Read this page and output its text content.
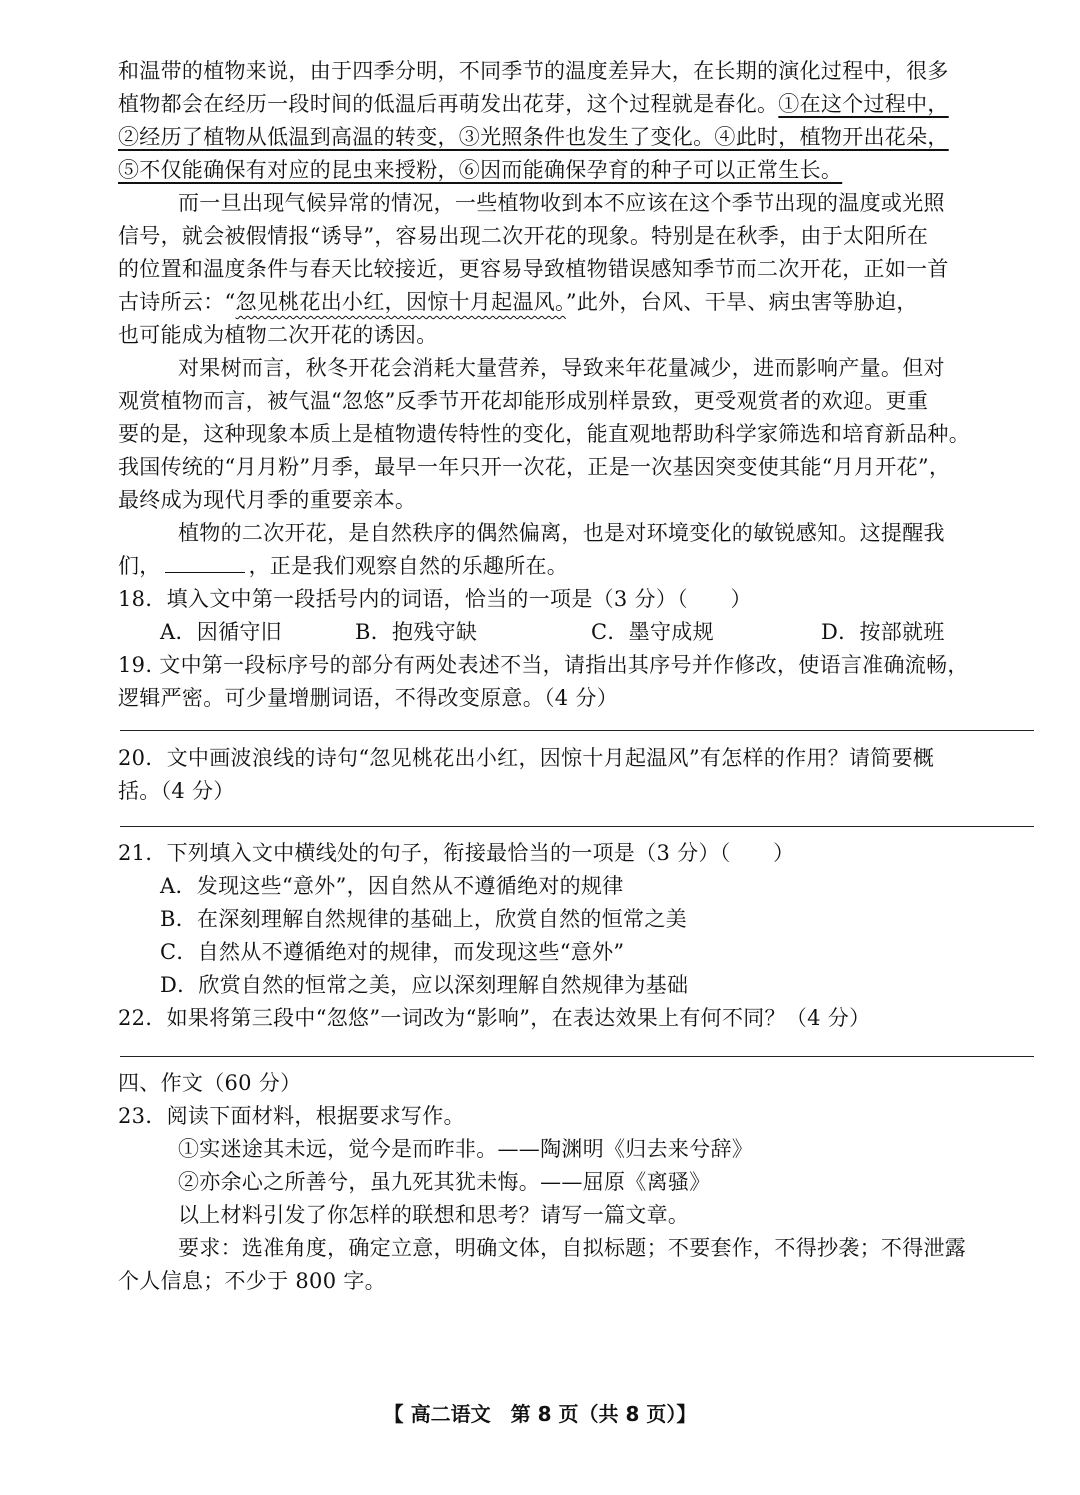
和温带的植物来说，由于四季分明，不同季节的温度差异大，在长期的演化过程中，很多
植物都会在经历一段时间的低温后再萌发出花芽，这个过程就是春化。①在这个过程中，
②经历了植物从低温到高温的转变，③光照条件也发生了变化。④此时，植物开出花朵，
⑤不仅能确保有对应的昆虫来授粉，⑥因而能确保孕育的种子可以正常生长。
而一旦出现气候异常的情况，一些植物收到本不应该在这个季节出现的温度或光照
信号，就会被假情报“诱导”，容易出现二次开花的现象。特别是在秋季，由于太阳所在
的位置和温度条件与春天比较接近，更容易导致植物错误感知季节而二次开花，正如一首
古诗所云：“忽见桃花出小红，因惊十月起温风。”此外，台风、干旱、病虫害等胁迫，
也可能成为植物二次开花的诱因。
对果树而言，秋冬开花会消耗大量营养，导致来年花量减少，进而影响产量。但对
观赏植物而言，被气温“忽悠”反季节开花却能形成别样景致，更受观赏者的欢迎。更重
要的是，这种现象本质上是植物遗传特性的变化，能直观地帮助科学家筛选和培育新品种。
我国传统的“月月粉”月季，最早一年只开一次花，正是一次基因突变使其能“月月开花”，
最终成为现代月季的重要亲本。
植物的二次开花，是自然秩序的偶然偏离，也是对环境变化的敏锐感知。这提醒我
们，	，正是我们观察自然的乐趣所在。
18．填入文中第一段括号内的词语，恰当的一项是（3 分）（　　）
A．因循守旧	B．抱残守缺	C．墨守成规	D．按部就班
19. 文中第一段标序号的部分有两处表述不当，请指出其序号并作修改，使语言准确流畅，
逻辑严密。可少量增删词语，不得改变原意。（4 分）
20．文中画波浪线的诗句“忽见桃花出小红，因惊十月起温风”有怎样的作用？请简要概
括。（4 分）
21．下列填入文中横线处的句子，衔接最恰当的一项是（3 分）（　　）
A．发现这些“意外”，因自然从不遵循绝对的规律
B．在深刻理解自然规律的基础上，欣赏自然的恒常之美
C．自然从不遵循绝对的规律，而发现这些“意外”
D．欣赏自然的恒常之美，应以深刻理解自然规律为基础
22．如果将第三段中“忽悠”一词改为“影响”，在表达效果上有何不同？（4 分）
四、作文（60 分）
23．阅读下面材料，根据要求写作。
①实迷途其未远，觉今是而昨非。——陶渊明《归去来兮辞》
②亦余心之所善兮，虽九死其犹未悔。——屈原《离骚》
以上材料引发了你怎样的联想和思考？请写一篇文章。
要求：选准角度，确定立意，明确文体，自拟标题；不要套作，不得抄袭；不得泄露
个人信息；不少于 800 字。
【 高二语文　第 8 页（共 8 页）】
